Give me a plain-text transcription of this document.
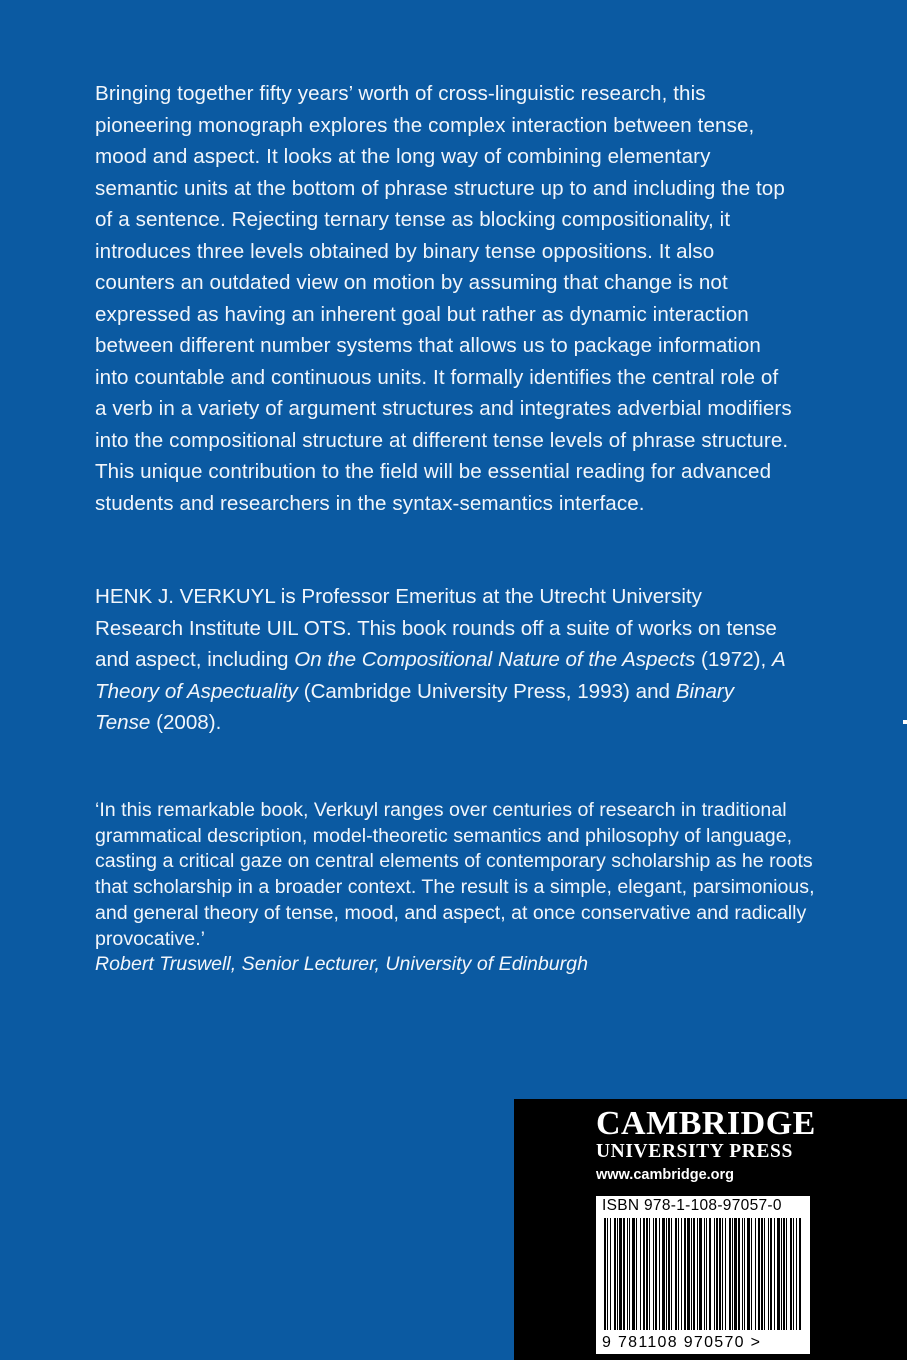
Bringing together fifty years’ worth of cross-linguistic research, this pioneering monograph explores the complex interaction between tense, mood and aspect. It looks at the long way of combining elementary semantic units at the bottom of phrase structure up to and including the top of a sentence. Rejecting ternary tense as blocking compositionality, it introduces three levels obtained by binary tense oppositions. It also counters an outdated view on motion by assuming that change is not expressed as having an inherent goal but rather as dynamic interaction between different number systems that allows us to package information into countable and continuous units. It formally identifies the central role of a verb in a variety of argument structures and integrates adverbial modifiers into the compositional structure at different tense levels of phrase structure. This unique contribution to the field will be essential reading for advanced students and researchers in the syntax-semantics interface.
HENK J. VERKUYL is Professor Emeritus at the Utrecht University Research Institute UIL OTS. This book rounds off a suite of works on tense and aspect, including On the Compositional Nature of the Aspects (1972), A Theory of Aspectuality (Cambridge University Press, 1993) and Binary Tense (2008).
‘In this remarkable book, Verkuyl ranges over centuries of research in traditional grammatical description, model-theoretic semantics and philosophy of language, casting a critical gaze on central elements of contemporary scholarship as he roots that scholarship in a broader context. The result is a simple, elegant, parsimonious, and general theory of tense, mood, and aspect, at once conservative and radically provocative.’
Robert Truswell, Senior Lecturer, University of Edinburgh
CAMBRIDGE
UNIVERSITY PRESS
www.cambridge.org
ISBN 978-1-108-97057-0
9 781108 970570 >
